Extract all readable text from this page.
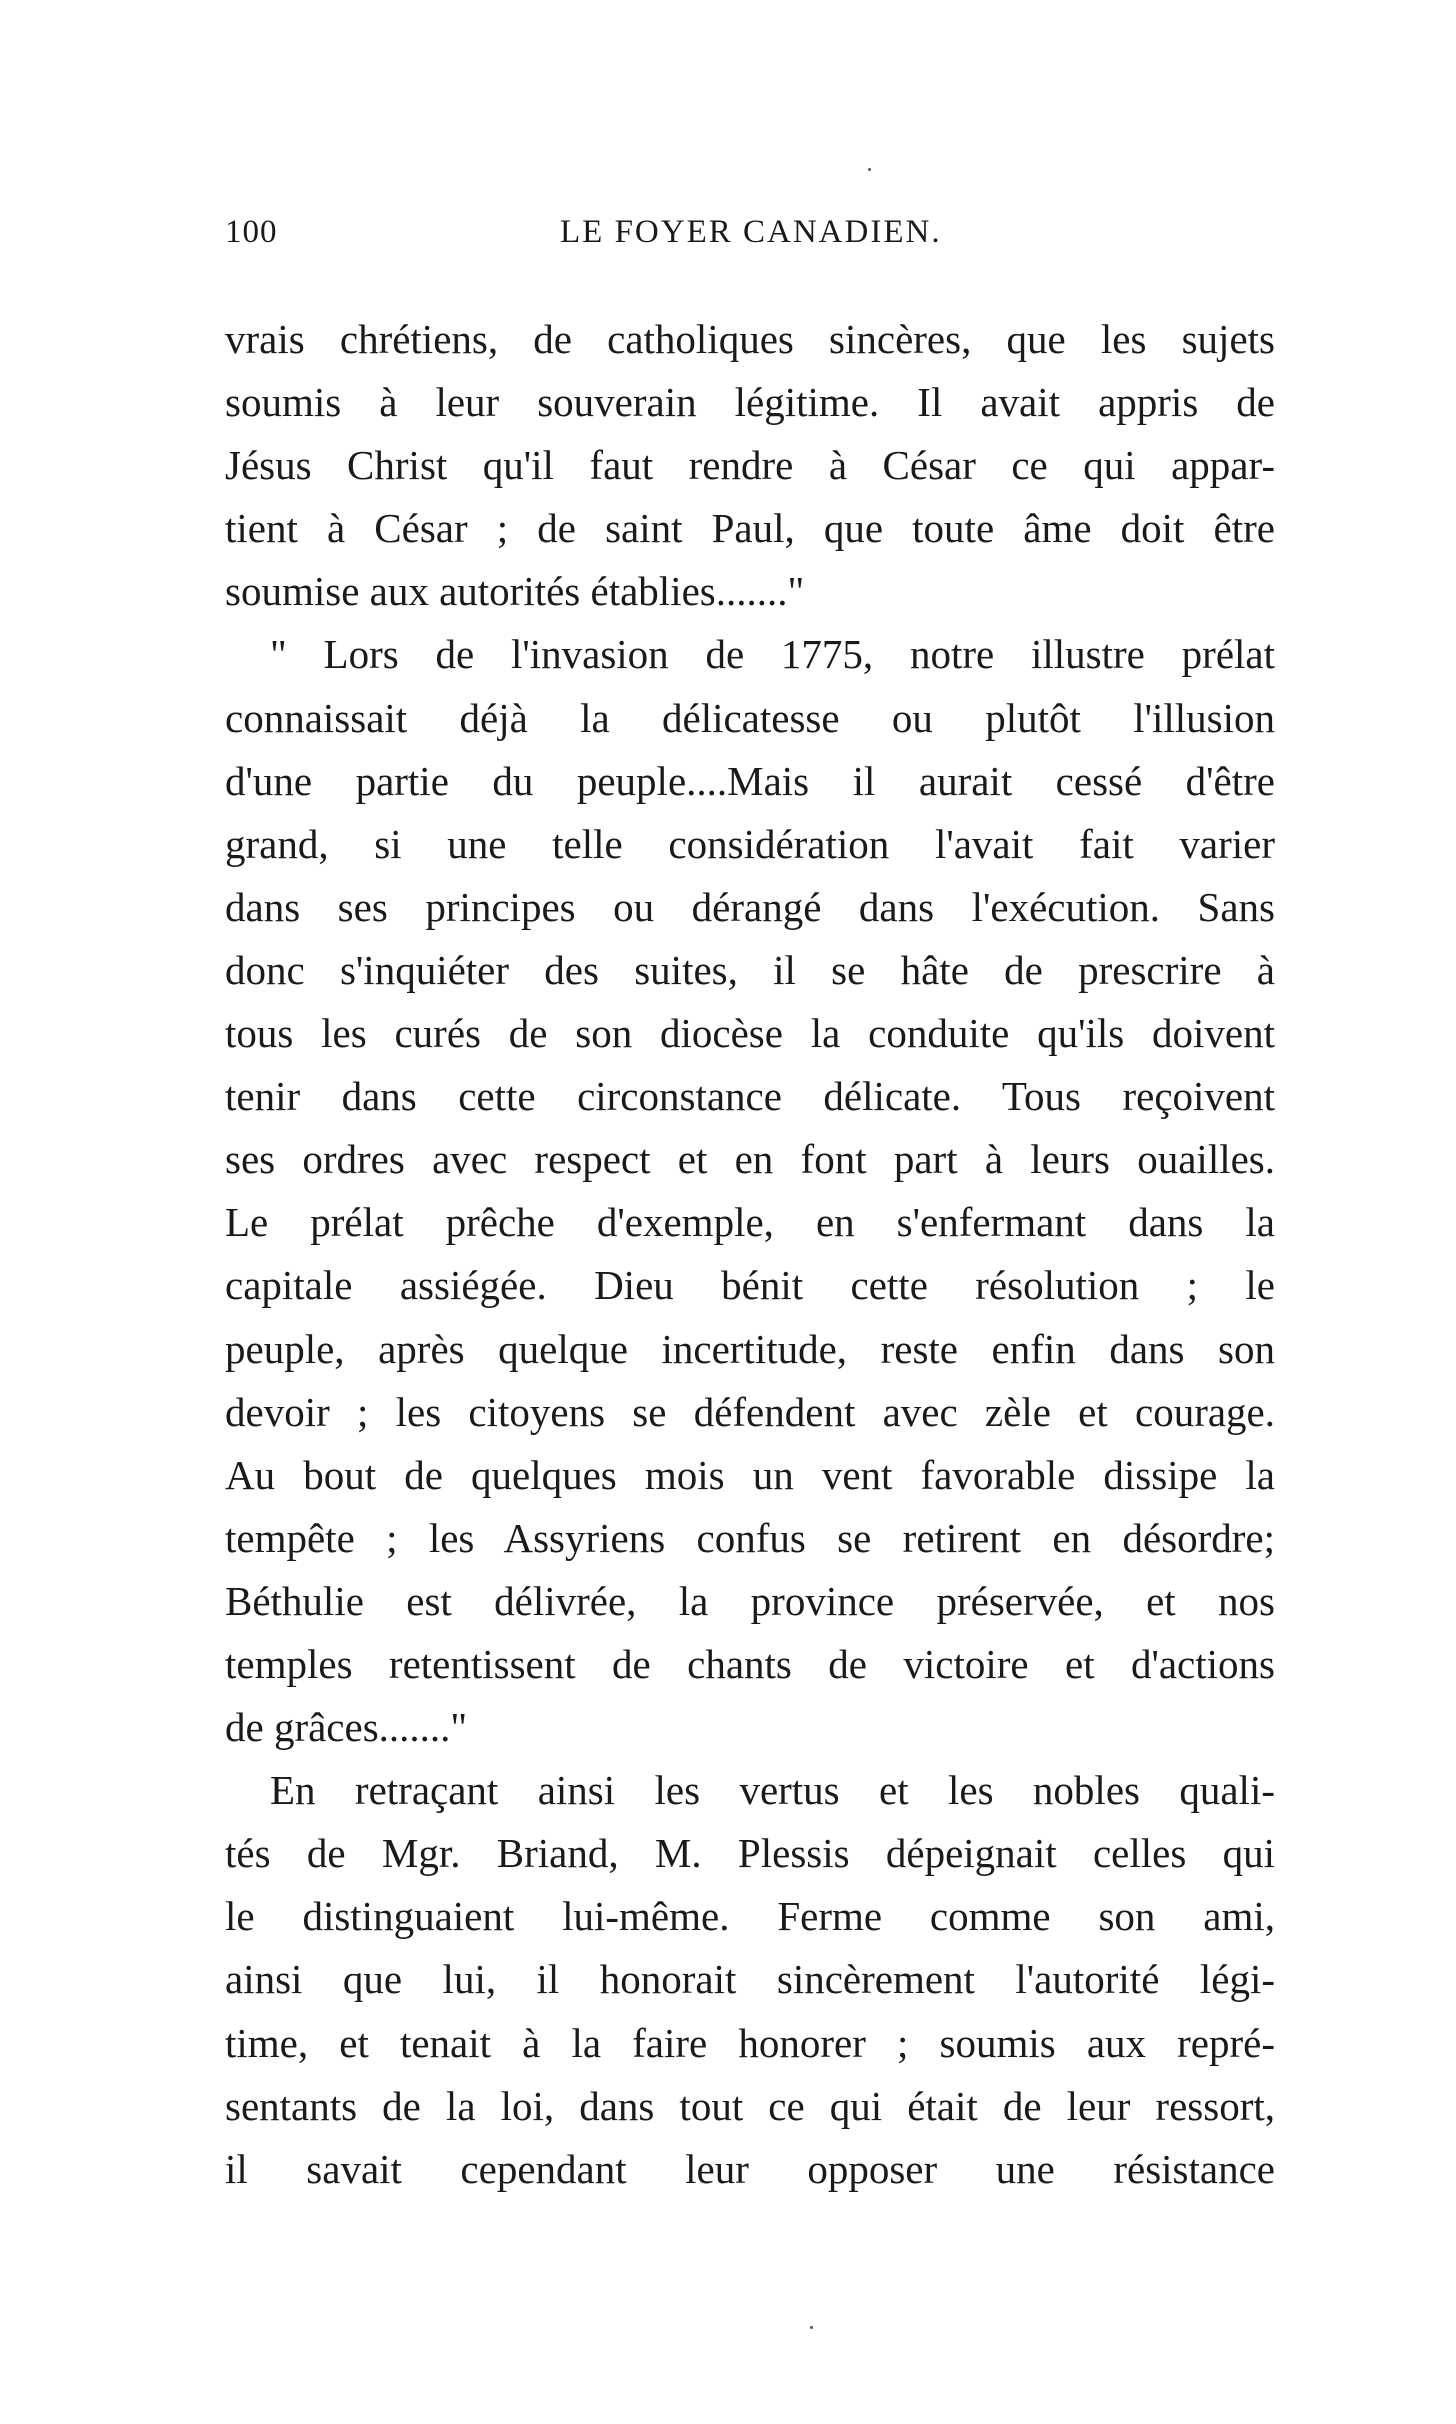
100	LE FOYER CANADIEN.
vrais chrétiens, de catholiques sincères, que les sujets
soumis à leur souverain légitime. Il avait appris de
Jésus Christ qu'il faut rendre à César ce qui appar-
tient à César ; de saint Paul, que toute âme doit être
soumise aux autorités établies......."
" Lors de l'invasion de 1775, notre illustre prélat
connaissait déjà la délicatesse ou plutôt l'illusion
d'une partie du peuple....Mais il aurait cessé d'être
grand, si une telle considération l'avait fait varier
dans ses principes ou dérangé dans l'exécution. Sans
donc s'inquiéter des suites, il se hâte de prescrire à
tous les curés de son diocèse la conduite qu'ils doivent
tenir dans cette circonstance délicate. Tous reçoivent
ses ordres avec respect et en font part à leurs ouailles.
Le prélat prêche d'exemple, en s'enfermant dans la
capitale assiégée. Dieu bénit cette résolution ; le
peuple, après quelque incertitude, reste enfin dans son
devoir ; les citoyens se défendent avec zèle et courage.
Au bout de quelques mois un vent favorable dissipe la
tempête ; les Assyriens confus se retirent en désordre;
Béthulie est délivrée, la province préservée, et nos
temples retentissent de chants de victoire et d'actions
de grâces......."
En retraçant ainsi les vertus et les nobles quali-
tés de Mgr. Briand, M. Plessis dépeignait celles qui
le distinguaient lui-même. Ferme comme son ami,
ainsi que lui, il honorait sincèrement l'autorité légi-
time, et tenait à la faire honorer ; soumis aux repré-
sentants de la loi, dans tout ce qui était de leur ressort,
il savait cependant leur opposer une résistance
